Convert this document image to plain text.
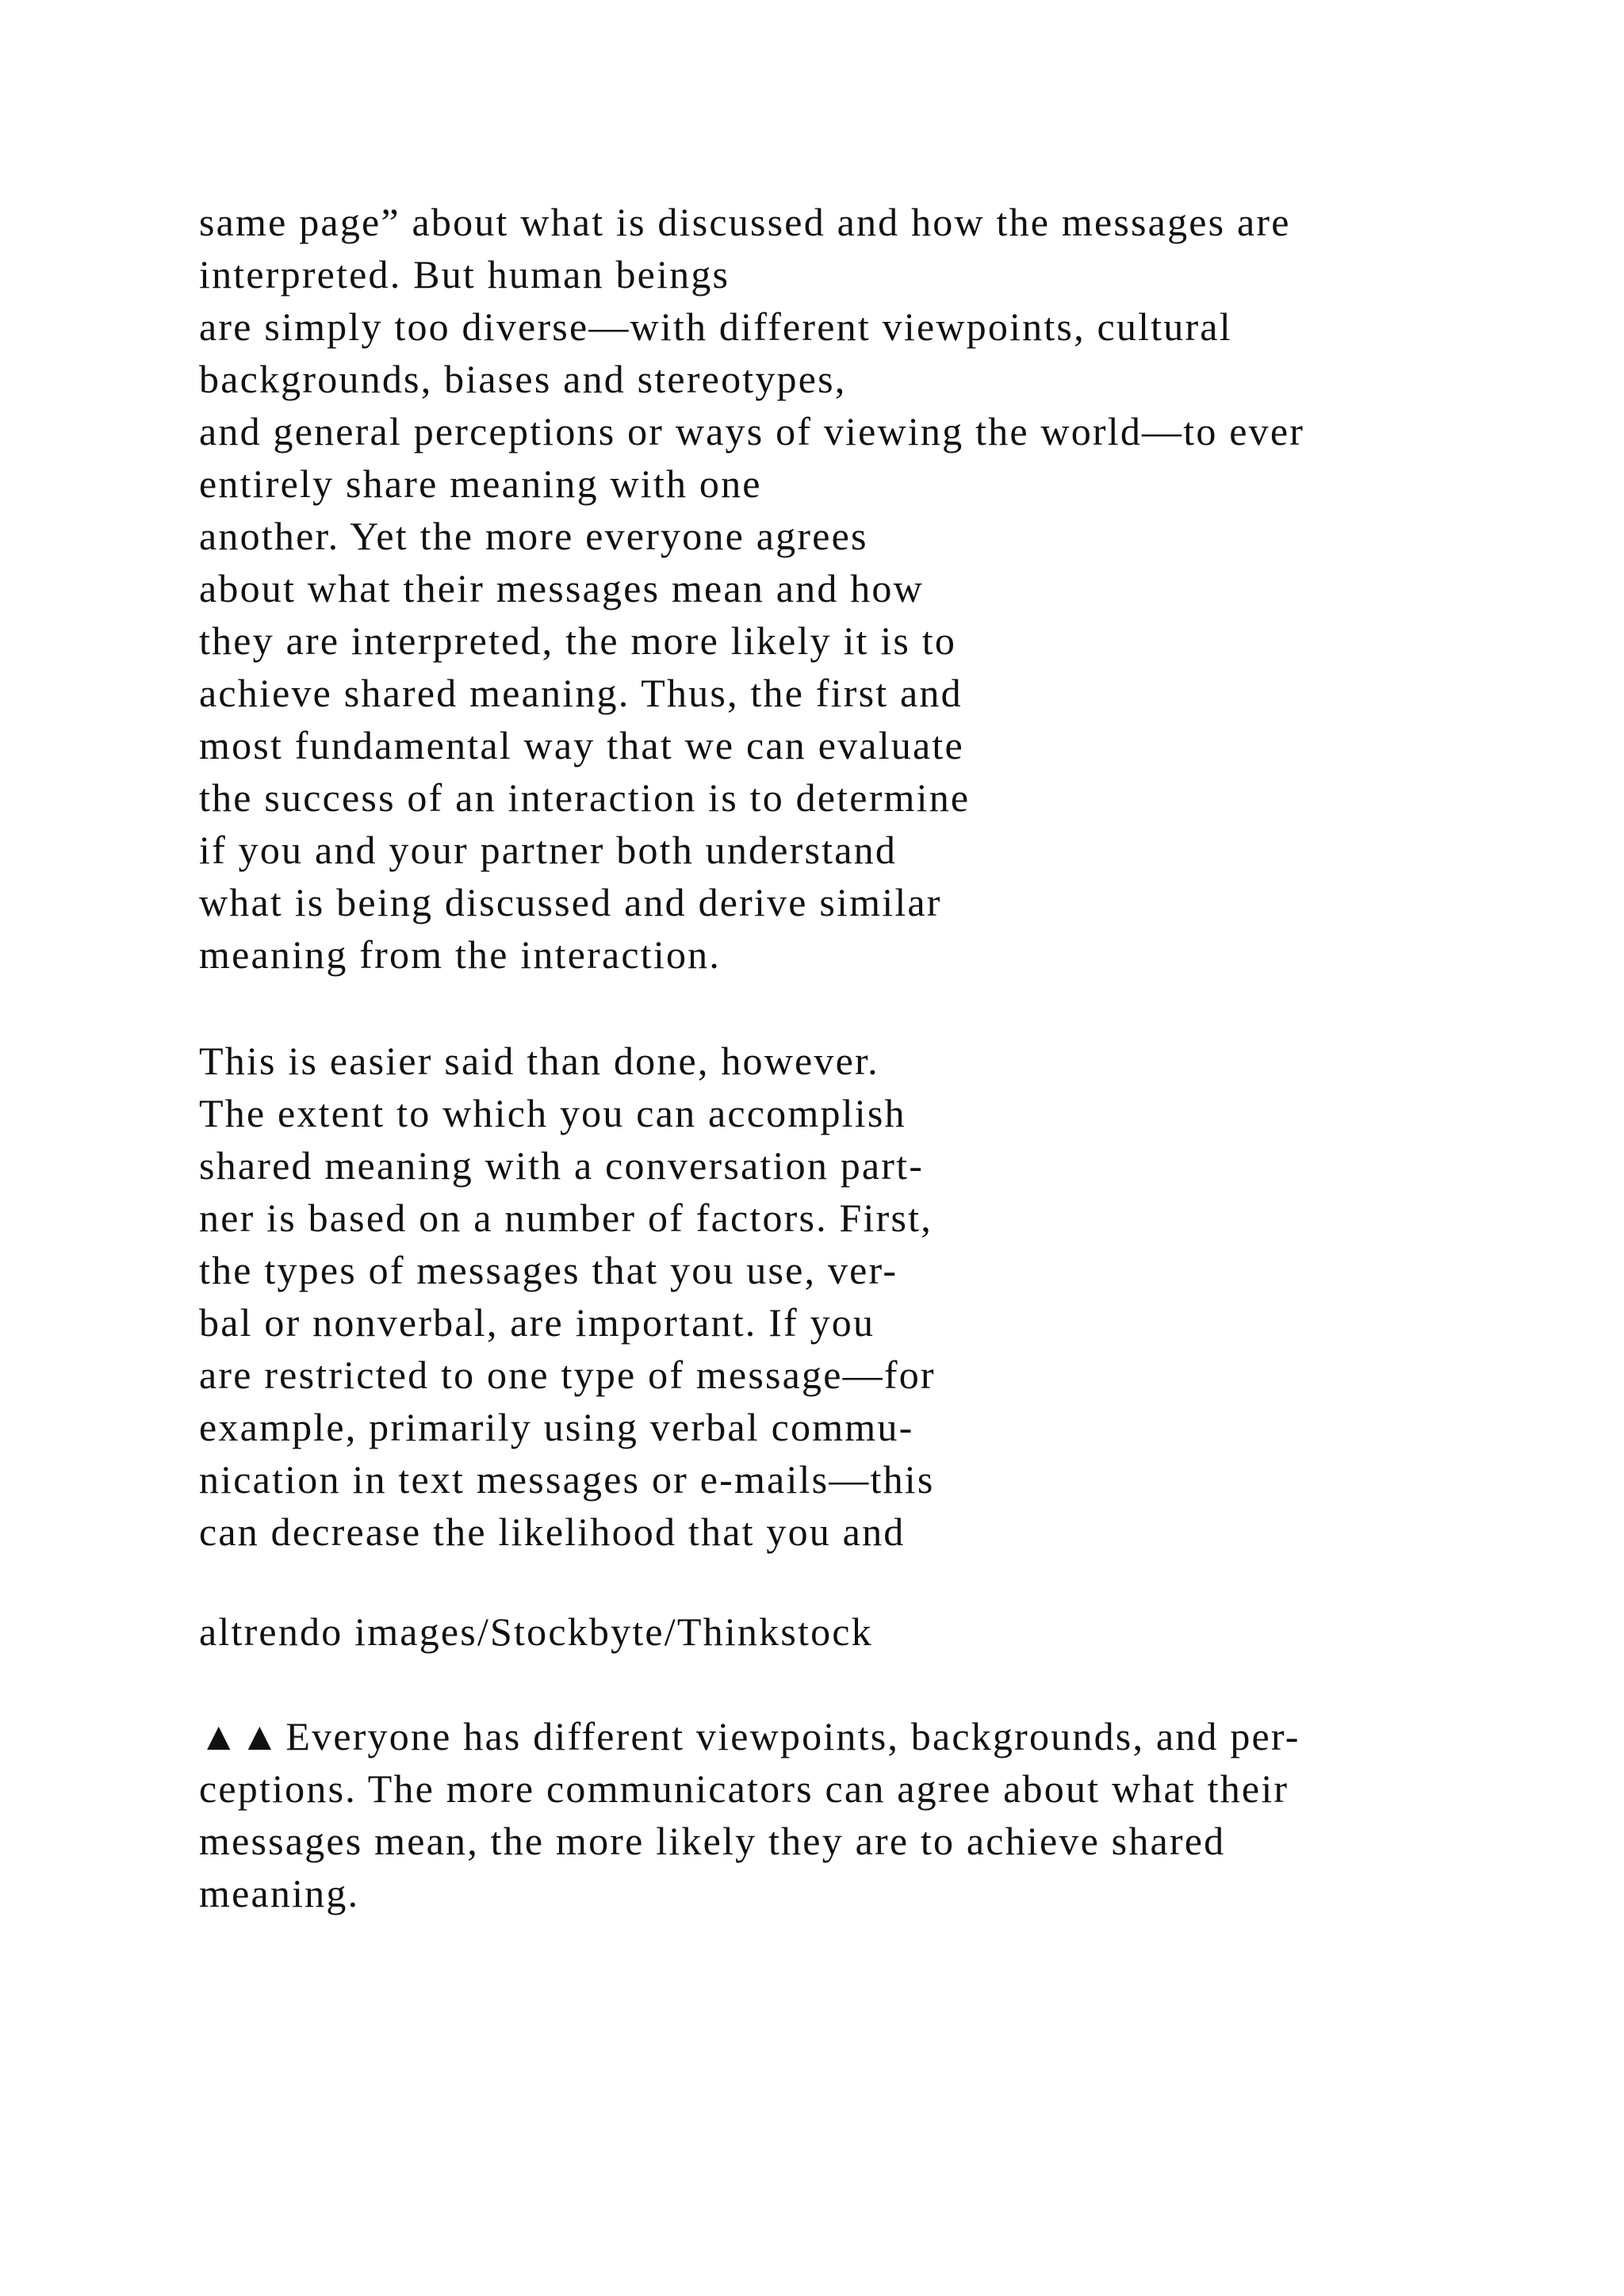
same page” about what is discussed and how the messages are
interpreted. But human beings
are simply too diverse—with different viewpoints, cultural
backgrounds, biases and stereotypes,
and general perceptions or ways of viewing the world—to ever
entirely share meaning with one
another. Yet the more everyone agrees
about what their messages mean and how
they are interpreted, the more likely it is to
achieve shared meaning. Thus, the first and
most fundamental way that we can evaluate
the success of an interaction is to determine
if you and your partner both understand
what is being discussed and derive similar
meaning from the interaction.

This is easier said than done, however.
The extent to which you can accomplish
shared meaning with a conversation part-
ner is based on a number of factors. First,
the types of messages that you use, ver-
bal or nonverbal, are important. If you
are restricted to one type of message—for
example, primarily using verbal commu-
nication in text messages or e-mails—this
can decrease the likelihood that you and

altrendo images/Stockbyte/Thinkstock

▲▲ Everyone has different viewpoints, backgrounds, and per-
ceptions. The more communicators can agree about what their
messages mean, the more likely they are to achieve shared
meaning.
